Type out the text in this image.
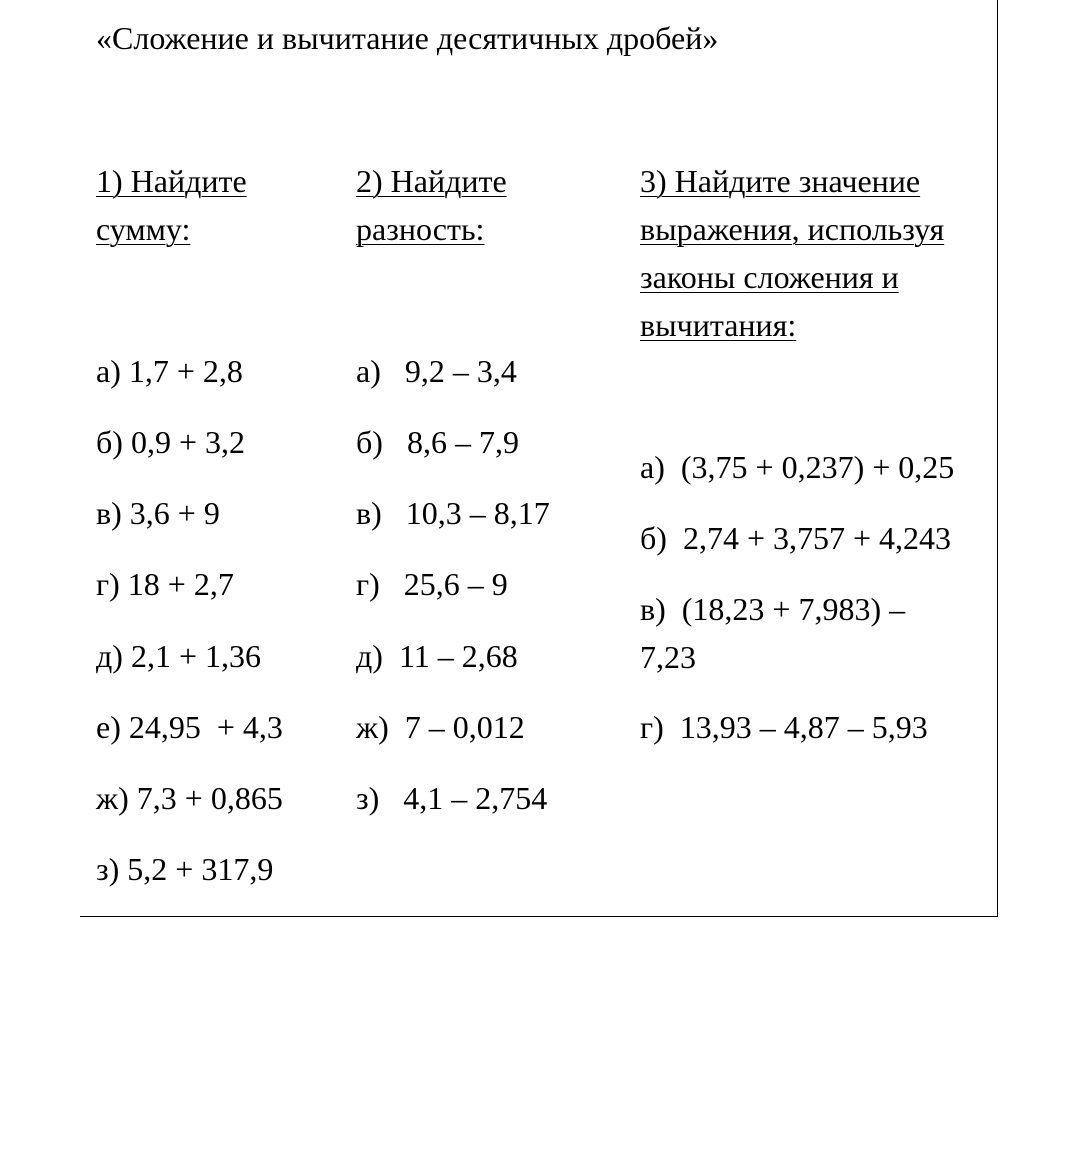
«Сложение и вычитание десятичных дробей»
1) Найдите
сумму:
а) 1,7 + 2,8
б) 0,9 + 3,2
в) 3,6 + 9
г) 18 + 2,7
д) 2,1 + 1,36
е) 24,95  + 4,3
ж) 7,3 + 0,865
з) 5,2 + 317,9
2) Найдите
разность:
а)   9,2 – 3,4
б)   8,6 – 7,9
в)   10,3 – 8,17
г)   25,6 – 9
д)  11 – 2,68
ж)  7 – 0,012
з)   4,1 – 2,754
3) Найдите значение
выражения, используя
законы сложения и
вычитания:
а)  (3,75 + 0,237) + 0,25
б)  2,74 + 3,757 + 4,243
в)  (18,23 + 7,983) –
7,23
г)  13,93 – 4,87 – 5,93
